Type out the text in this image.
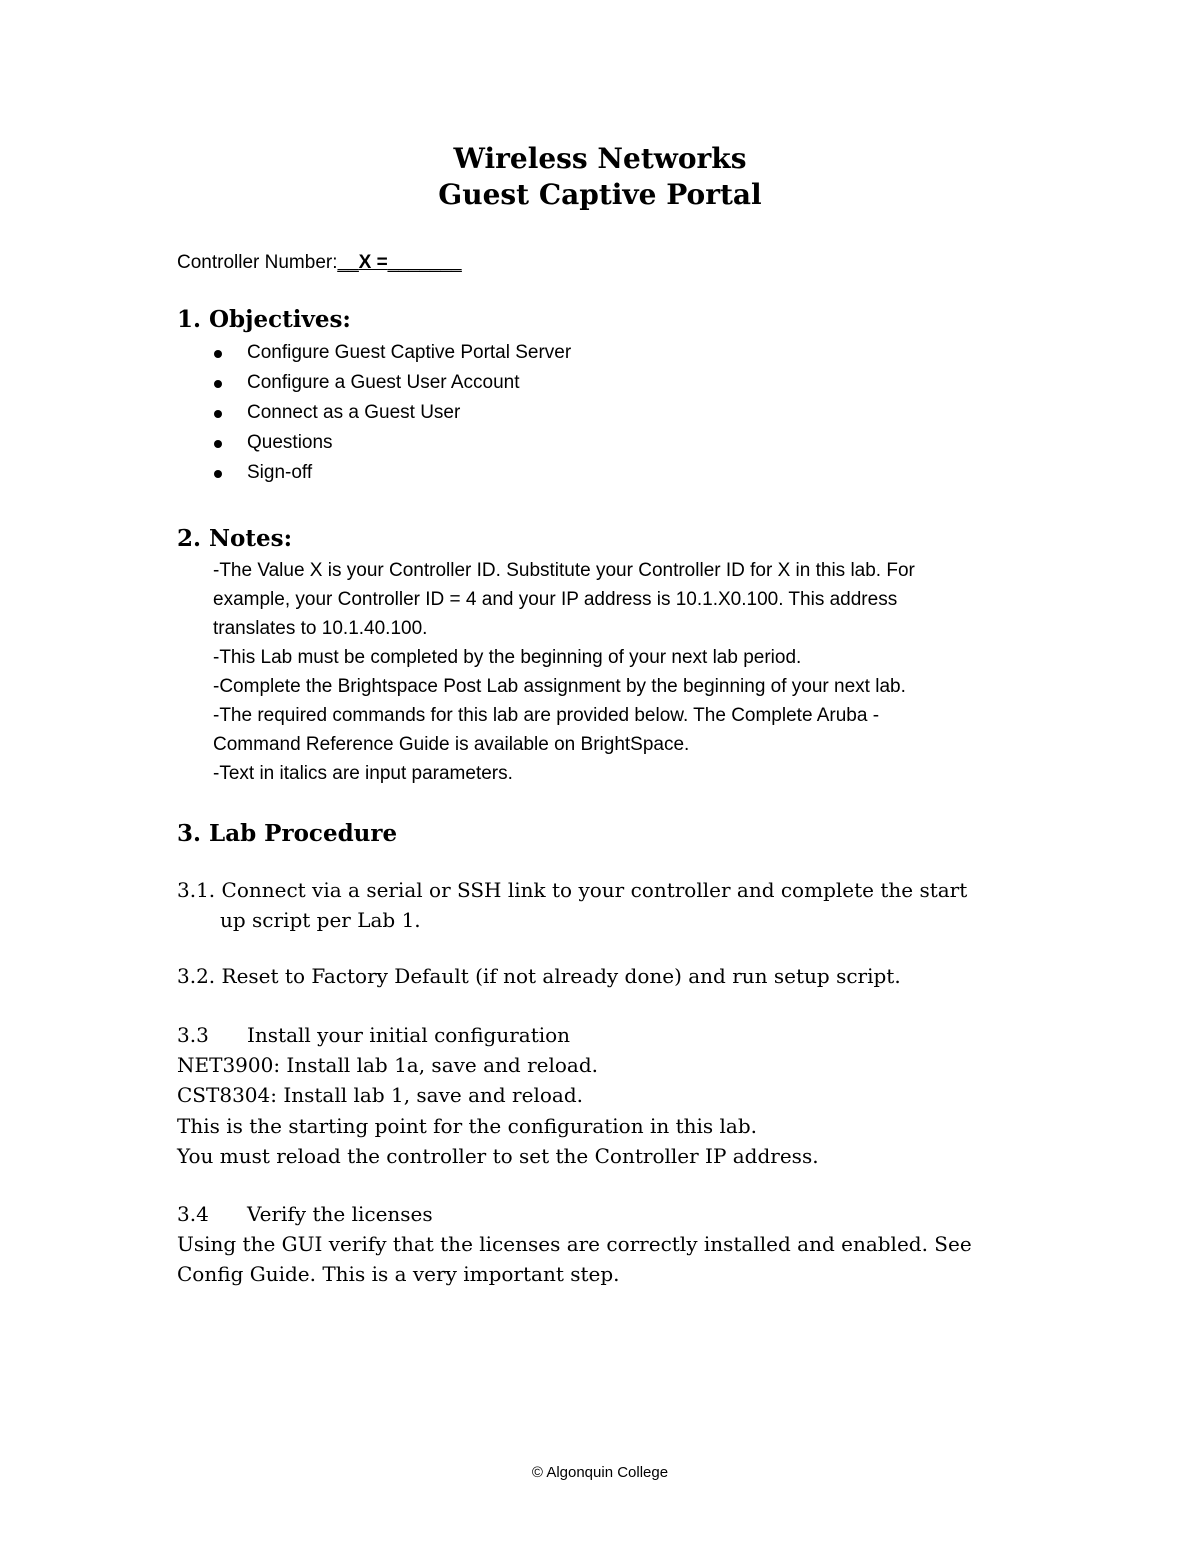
Wireless Networks
Guest Captive Portal
Controller Number:__X =_______
1. Objectives:
Configure Guest Captive Portal Server
Configure a Guest User Account
Connect as a Guest User
Questions
Sign-off
2. Notes:
-The Value X is your Controller ID. Substitute your Controller ID for X in this lab. For
example, your Controller ID = 4 and your IP address is 10.1.X0.100. This address
translates to 10.1.40.100.
-This Lab must be completed by the beginning of your next lab period.
-Complete the Brightspace Post Lab assignment by the beginning of your next lab.
-The required commands for this lab are provided below. The Complete Aruba -
Command Reference Guide is available on BrightSpace.
-Text in italics are input parameters.
3. Lab Procedure
3.1. Connect via a serial or SSH link to your controller and complete the start
up script per Lab 1.
3.2. Reset to Factory Default (if not already done) and run setup script.
3.3 Install your initial configuration
NET3900: Install lab 1a, save and reload.
CST8304: Install lab 1, save and reload.
This is the starting point for the configuration in this lab.
You must reload the controller to set the Controller IP address.
3.4 Verify the licenses
Using the GUI verify that the licenses are correctly installed and enabled. See
Config Guide. This is a very important step.
© Algonquin College
